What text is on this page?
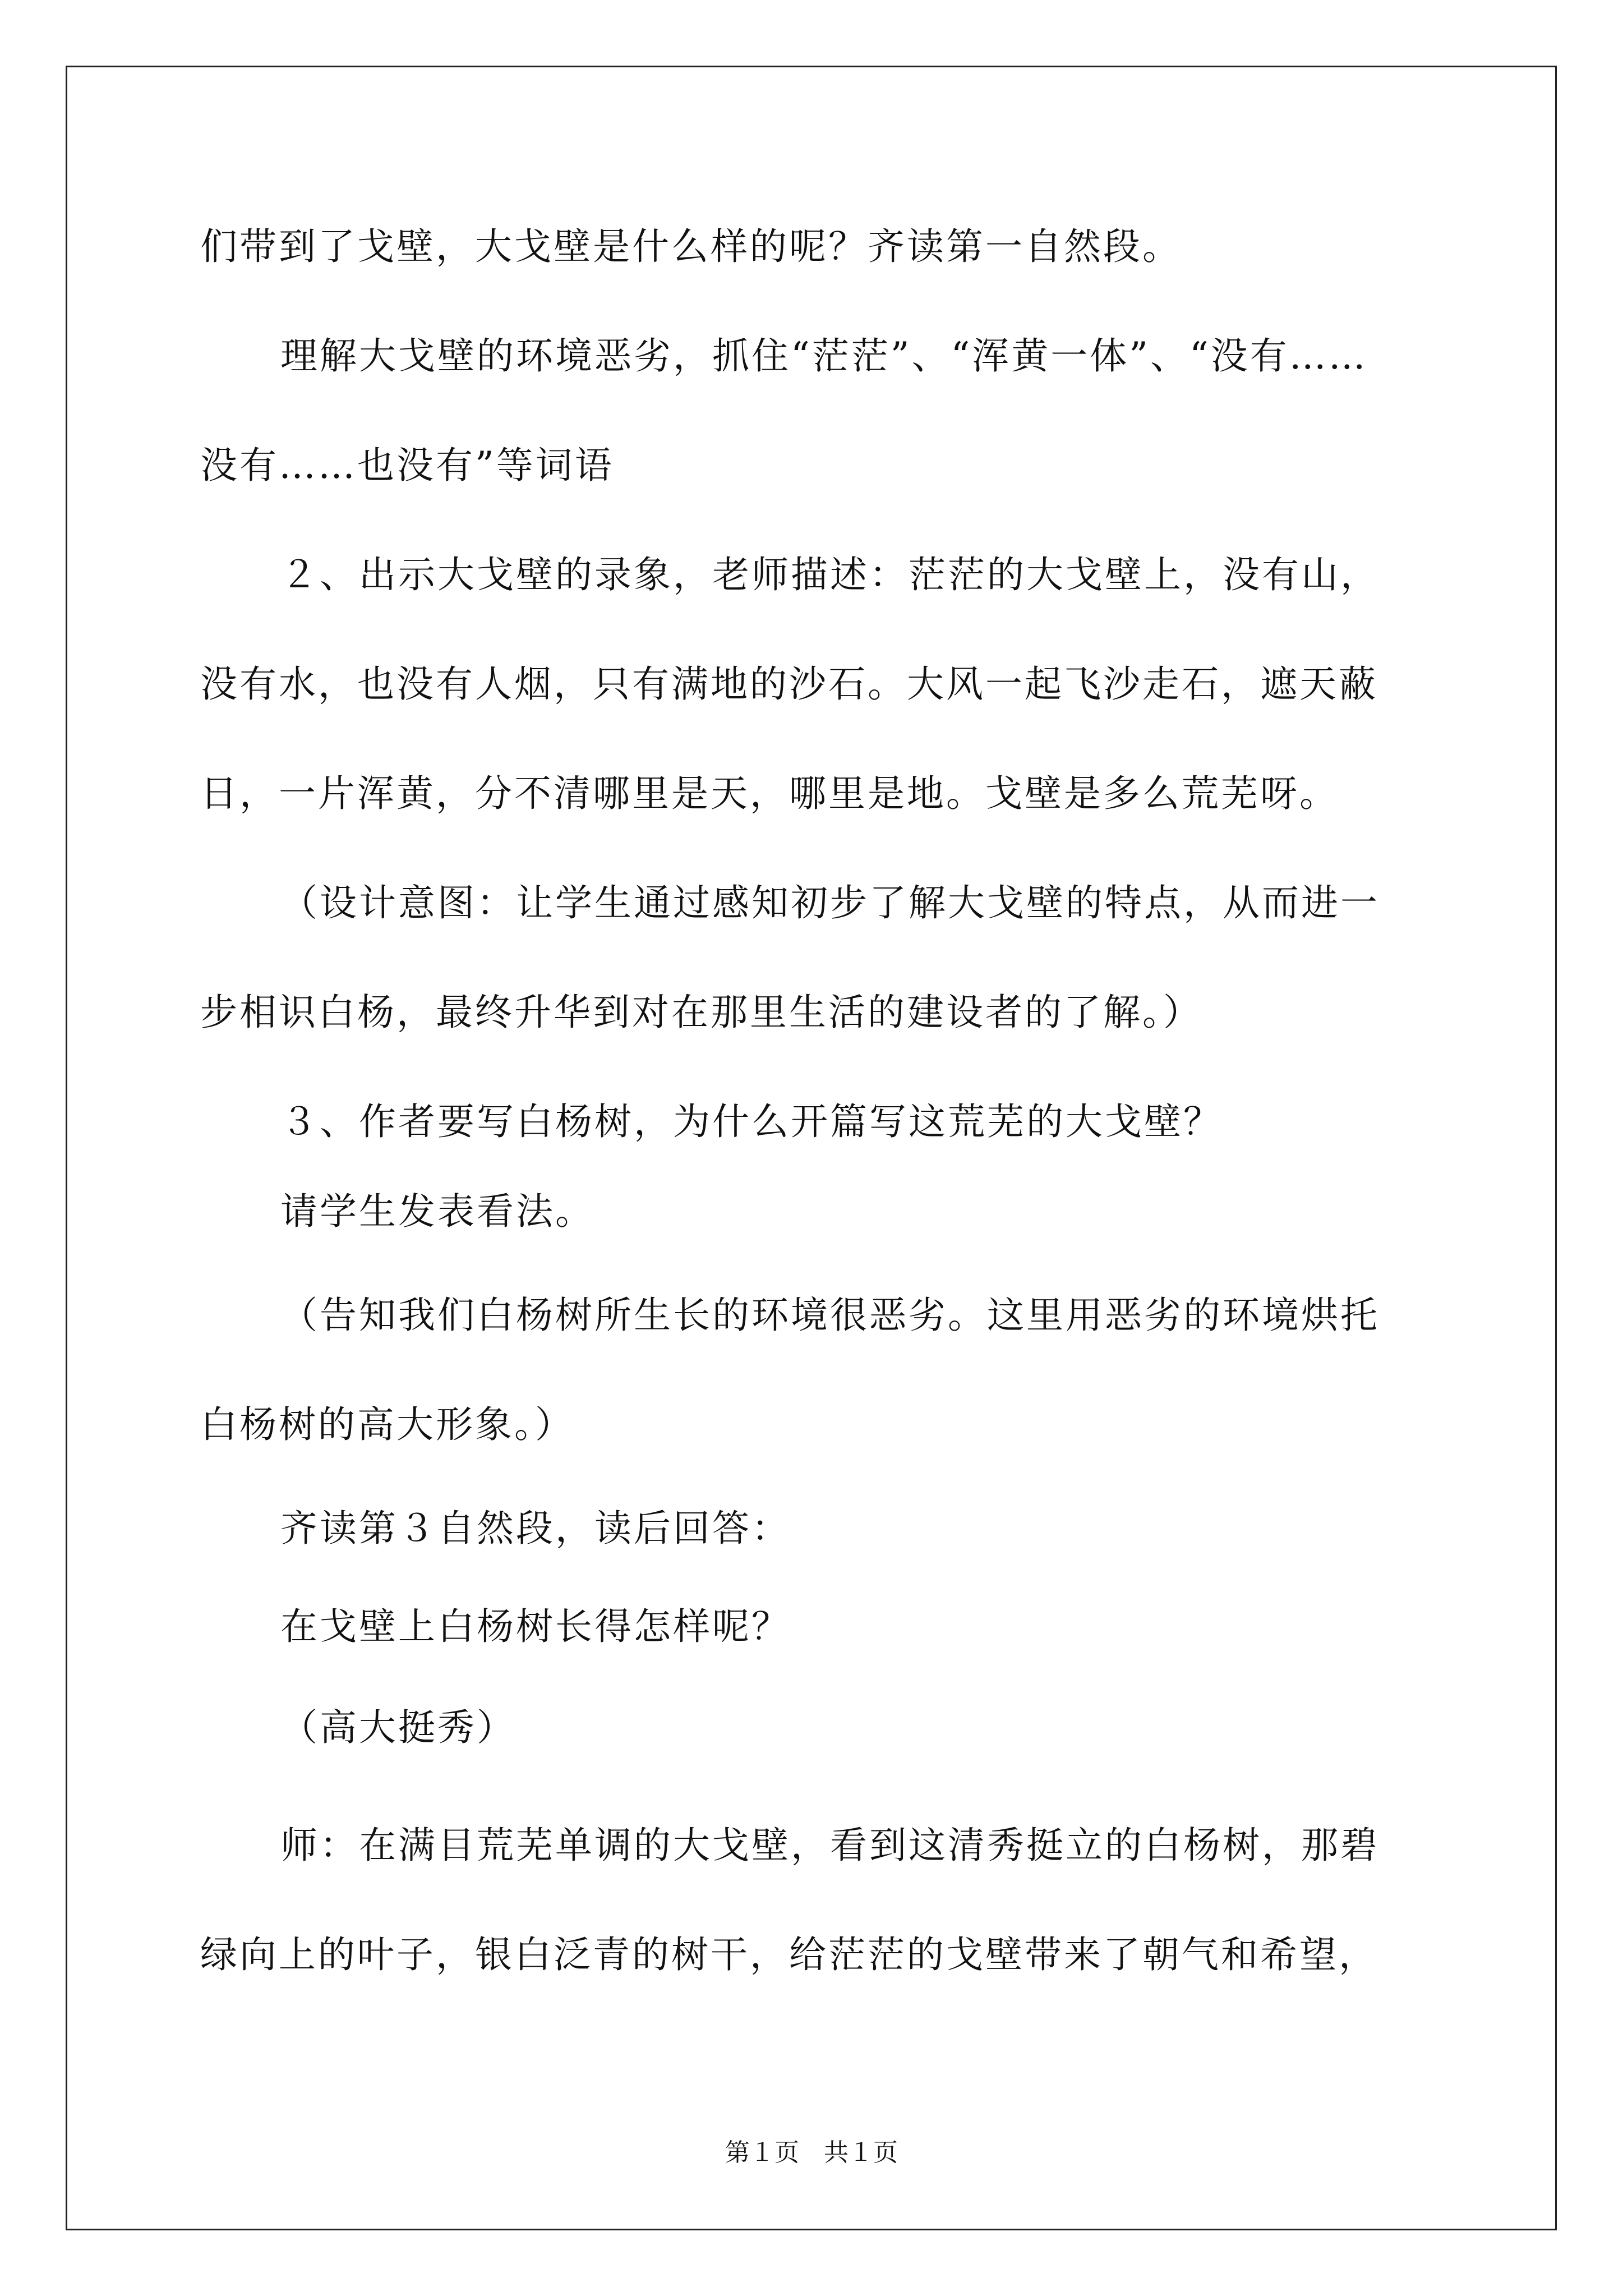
们带到了戈壁，大戈壁是什么样的呢？齐读第一自然段。
理解大戈壁的环境恶劣，抓住“茫茫”、“浑黄一体”、“没有……
没有……也没有”等词语
２、出示大戈壁的录象，老师描述：茫茫的大戈壁上，没有山，
没有水，也没有人烟，只有满地的沙石。大风一起飞沙走石，遮天蔽
日，一片浑黄，分不清哪里是天，哪里是地。戈壁是多么荒芜呀。
（设计意图：让学生通过感知初步了解大戈壁的特点，从而进一
步相识白杨，最终升华到对在那里生活的建设者的了解。）
３、作者要写白杨树，为什么开篇写这荒芜的大戈壁？
请学生发表看法。
（告知我们白杨树所生长的环境很恶劣。这里用恶劣的环境烘托
白杨树的高大形象。）
齐读第３自然段，读后回答：
在戈壁上白杨树长得怎样呢？
（高大挺秀）
师：在满目荒芜单调的大戈壁，看到这清秀挺立的白杨树，那碧
绿向上的叶子，银白泛青的树干，给茫茫的戈壁带来了朝气和希望，
第１页　共１页
